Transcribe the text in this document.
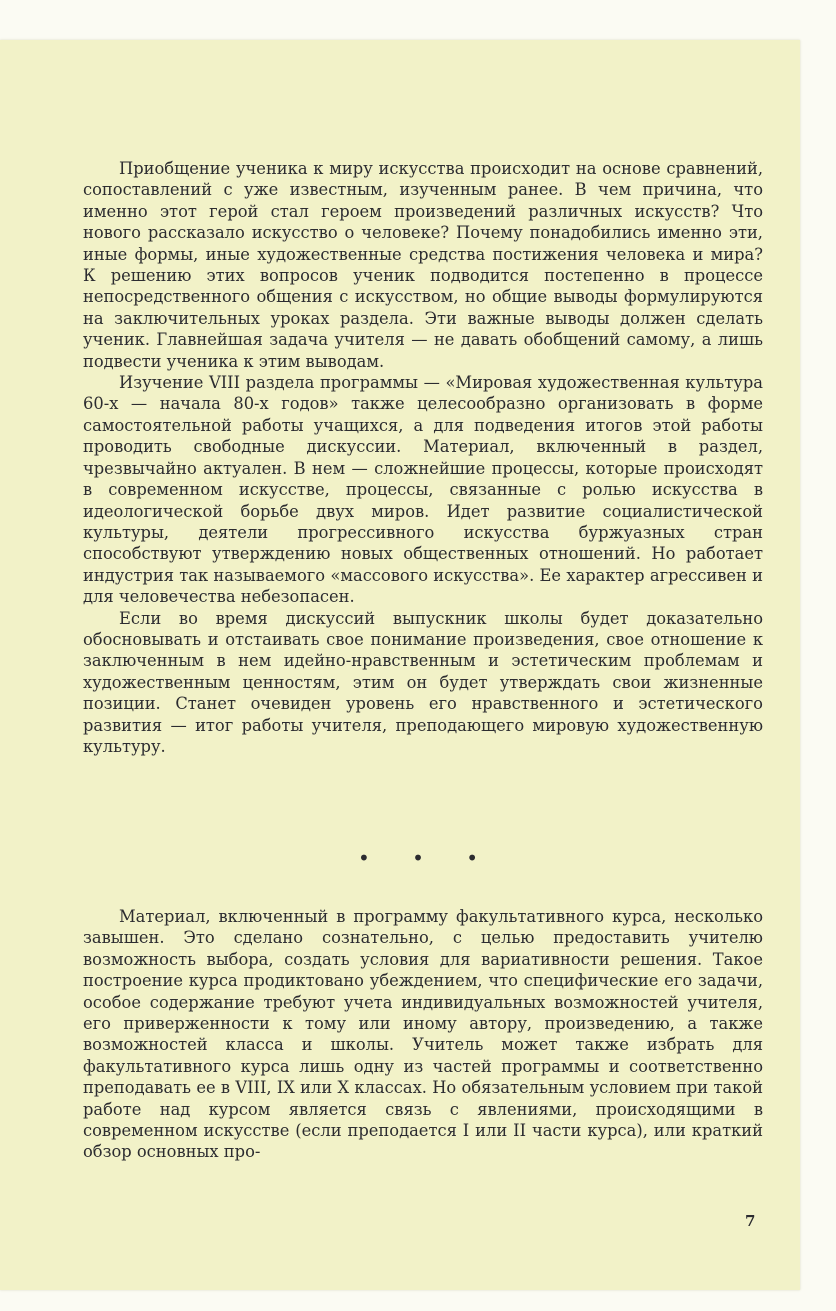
Приобщение ученика к миру искусства происходит на основе сравнений, сопоставлений с уже известным, изученным ранее. В чем причина, что именно этот герой стал героем произведений различных искусств? Что нового рассказало искусство о человеке? Почему понадобились именно эти, иные формы, иные художественные средства постижения человека и мира? К решению этих вопросов ученик подводится постепенно в процессе непосредственного общения с искусством, но общие выводы формулируются на заключительных уроках раздела. Эти важные выводы должен сделать ученик. Главнейшая задача учителя — не давать обобщений самому, а лишь подвести ученика к этим выводам.

Изучение VIII раздела программы — «Мировая художественная культура 60-х — начала 80-х годов» также целесообразно организовать в форме самостоятельной работы учащихся, а для подведения итогов этой работы проводить свободные дискуссии. Материал, включенный в раздел, чрезвычайно актуален. В нем — сложнейшие процессы, которые происходят в современном искусстве, процессы, связанные с ролью искусства в идеологической борьбе двух миров. Идет развитие социалистической культуры, деятели прогрессивного искусства буржуазных стран способствуют утверждению новых общественных отношений. Но работает индустрия так называемого «массового искусства». Ее характер агрессивен и для человечества небезопасен.

Если во время дискуссий выпускник школы будет доказательно обосновывать и отстаивать свое понимание произведения, свое отношение к заключенным в нем идейно-нравственным и эстетическим проблемам и художественным ценностям, этим он будет утверждать свои жизненные позиции. Станет очевиден уровень его нравственного и эстетического развития — итог работы учителя, преподающего мировую художественную культуру.

• • •

Материал, включенный в программу факультативного курса, несколько завышен. Это сделано сознательно, с целью предоставить учителю возможность выбора, создать условия для вариативности решения. Такое построение курса продиктовано убеждением, что специфические его задачи, особое содержание требуют учета индивидуальных возможностей учителя, его приверженности к тому или иному автору, произведению, а также возможностей класса и школы. Учитель может также избрать для факультативного курса лишь одну из частей программы и соответственно преподавать ее в VIII, IX или X классах. Но обязательным условием при такой работе над курсом является связь с явлениями, происходящими в современном искусстве (если преподается I или II части курса), или краткий обзор основных про-

7
